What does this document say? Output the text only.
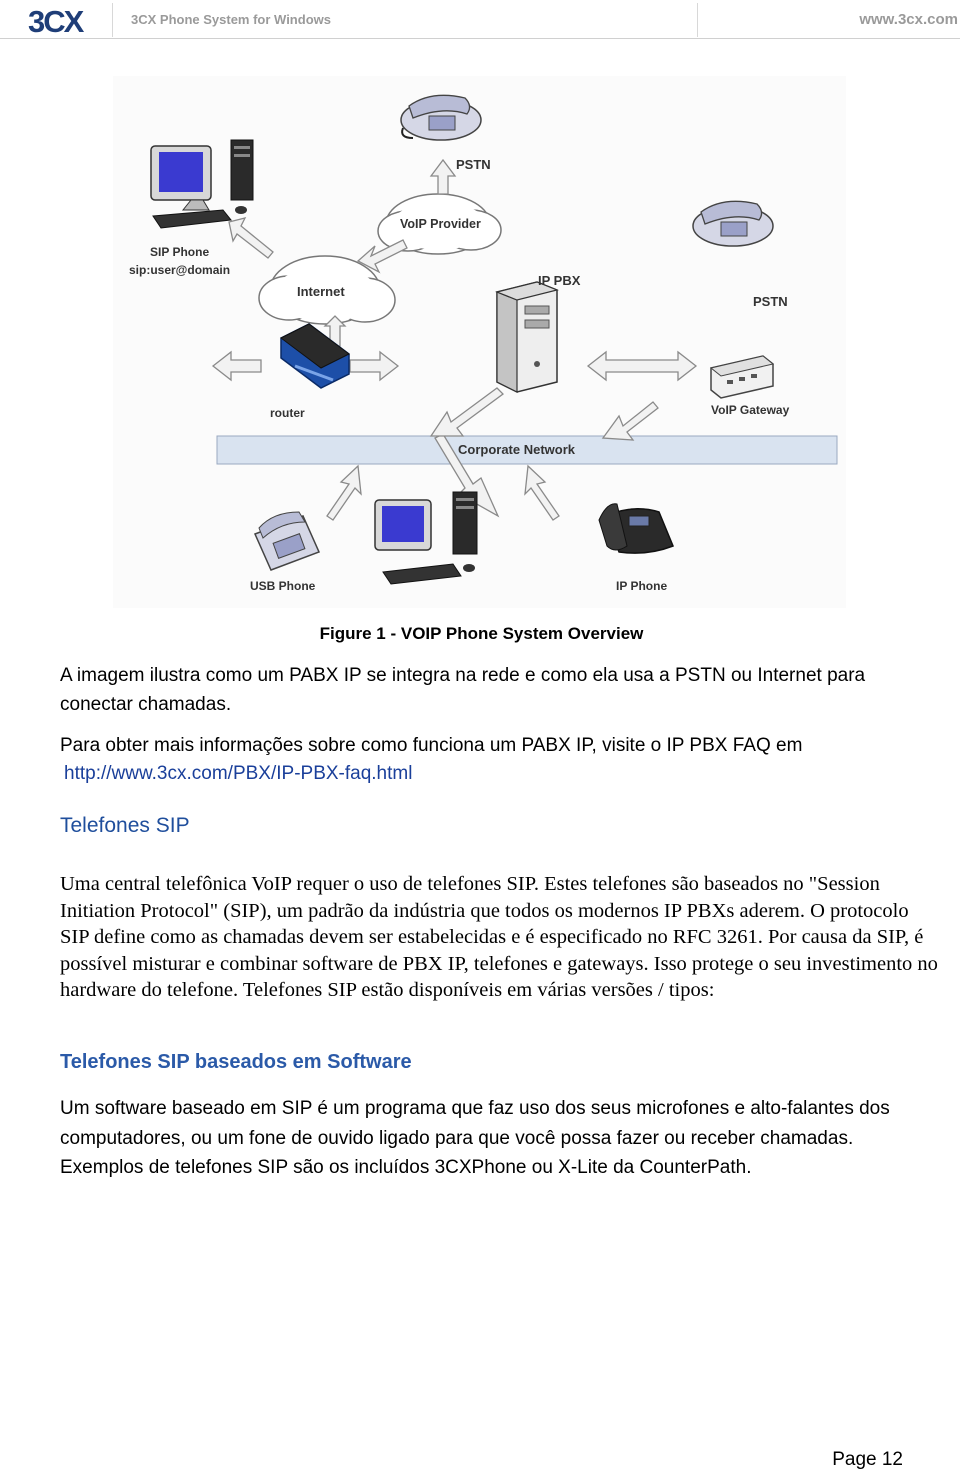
3CX	3CX Phone System for Windows	www.3cx.com
PSTN
VoIP Provider
Internet
SIP Phone
sip:user@domain
IP PBX
PSTN
router	VoIP Gateway
Corporate Network
USB Phone	IP Phone
Figure 1 - VOIP Phone System Overview
A imagem ilustra como um PABX IP se integra na rede e como ela usa a PSTN ou Internet para conectar chamadas.
Para obter mais informações sobre como funciona um PABX IP, visite o IP PBX FAQ em
http://www.3cx.com/PBX/IP-PBX-faq.html
Telefones SIP
Uma central telefônica VoIP requer o uso de telefones SIP. Estes telefones são baseados no "Session Initiation Protocol" (SIP), um padrão da indústria que todos os modernos IP PBXs aderem. O protocolo SIP define como as chamadas devem ser estabelecidas e é especificado no RFC 3261. Por causa da SIP, é possível misturar e combinar software de PBX IP, telefones e gateways. Isso protege o seu investimento no hardware do telefone. Telefones SIP estão disponíveis em várias versões / tipos:
Telefones SIP baseados em Software
Um software baseado em SIP é um programa que faz uso dos seus microfones e alto-falantes dos computadores, ou um fone de ouvido ligado para que você possa fazer ou receber chamadas. Exemplos de telefones SIP são os incluídos 3CXPhone ou X-Lite da CounterPath.
Page 12
